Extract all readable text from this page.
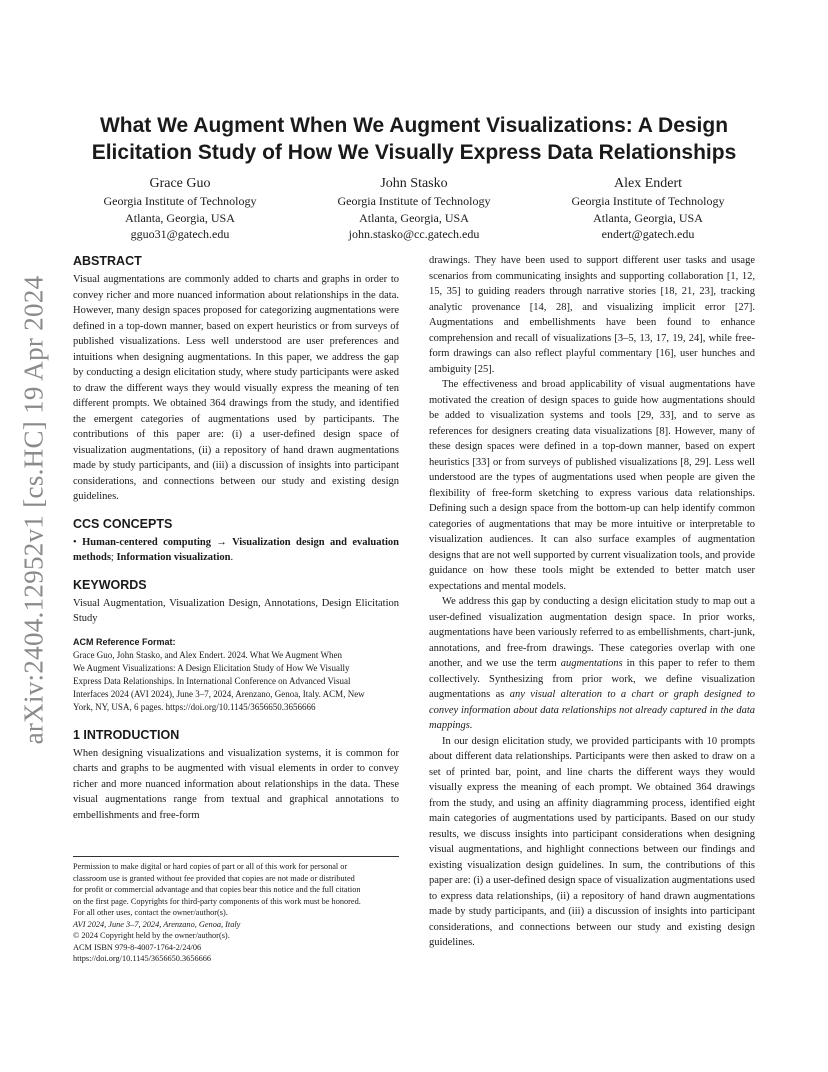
arXiv:2404.12952v1 [cs.HC] 19 Apr 2024
What We Augment When We Augment Visualizations: A Design
Elicitation Study of How We Visually Express Data Relationships
Grace Guo
Georgia Institute of Technology
Atlanta, Georgia, USA
gguo31@gatech.edu
John Stasko
Georgia Institute of Technology
Atlanta, Georgia, USA
john.stasko@cc.gatech.edu
Alex Endert
Georgia Institute of Technology
Atlanta, Georgia, USA
endert@gatech.edu
ABSTRACT

Visual augmentations are commonly added to charts and graphs in order to convey richer and more nuanced information about relationships in the data. However, many design spaces proposed for categorizing augmentations were defined in a top-down manner, based on expert heuristics or from surveys of published visualizations. Less well understood are user preferences and intuitions when designing augmentations. In this paper, we address the gap by conducting a design elicitation study, where study participants were asked to draw the different ways they would visually express the meaning of ten different prompts. We obtained 364 drawings from the study, and identified the emergent categories of augmentations used by participants. The contributions of this paper are: (i) a user-defined design space of visualization augmentations, (ii) a repository of hand drawn augmentations made by study participants, and (iii) a discussion of insights into participant considerations, and connections between our study and existing design guidelines.

CCS CONCEPTS

• Human-centered computing → Visualization design and evaluation methods; Information visualization.

KEYWORDS

Visual Augmentation, Visualization Design, Annotations, Design Elicitation Study

ACM Reference Format:
Grace Guo, John Stasko, and Alex Endert. 2024. What We Augment When
We Augment Visualizations: A Design Elicitation Study of How We Visually
Express Data Relationships. In International Conference on Advanced Visual
Interfaces 2024 (AVI 2024), June 3–7, 2024, Arenzano, Genoa, Italy. ACM, New
York, NY, USA, 6 pages. https://doi.org/10.1145/3656650.3656666
1 INTRODUCTION

When designing visualizations and visualization systems, it is common for charts and graphs to be augmented with visual elements in order to convey richer and more nuanced information about relationships in the data. These visual augmentations range from textual and graphical annotations to embellishments and free-form

Permission to make digital or hard copies of part or all of this work for personal or
classroom use is granted without fee provided that copies are not made or distributed
for profit or commercial advantage and that copies bear this notice and the full citation
on the first page. Copyrights for third-party components of this work must be honored.
For all other uses, contact the owner/author(s).
AVI 2024, June 3–7, 2024, Arenzano, Genoa, Italy
© 2024 Copyright held by the owner/author(s).
ACM ISBN 979-8-4007-1764-2/24/06
https://doi.org/10.1145/3656650.3656666

drawings. They have been used to support different user tasks and usage scenarios from communicating insights and supporting collaboration [1, 12, 15, 35] to guiding readers through narrative stories [18, 21, 23], tracking analytic provenance [14, 28], and visualizing implicit error [27]. Augmentations and embellishments have been found to enhance comprehension and recall of visualizations [3–5, 13, 17, 19, 24], while free-form drawings can also reflect playful commentary [16], user hunches and ambiguity [25].

The effectiveness and broad applicability of visual augmentations have motivated the creation of design spaces to guide how augmentations should be added to visualization systems and tools [29, 33], and to serve as references for designers creating data visualizations [8]. However, many of these design spaces were defined in a top-down manner, based on expert heuristics [33] or from surveys of published visualizations [8, 29]. Less well understood are the types of augmentations used when people are given the flexibility of free-form sketching to express various data relationships. Defining such a design space from the bottom-up can help identify common categories of augmentations that may be more intuitive or interpretable to visualization audiences. It can also surface examples of augmentation designs that are not well supported by current visualization tools, and provide guidance on how these tools might be extended to better match user expectations and mental models.

We address this gap by conducting a design elicitation study to map out a user-defined visualization augmentation design space. In prior works, augmentations have been variously referred to as embellishments, chart-junk, annotations, and free-from drawings. These categories overlap with one another, and we use the term augmentations in this paper to refer to them collectively. Synthesizing from prior work, we define visualization augmentations as any visual alteration to a chart or graph designed to convey information about data relationships not already captured in the data mappings.

In our design elicitation study, we provided participants with 10 prompts about different data relationships. Participants were then asked to draw on a set of printed bar, point, and line charts the different ways they would visually express the meaning of each prompt. We obtained 364 drawings from the study, and using an affinity diagramming process, identified eight main categories of augmentations used by participants. Based on our study results, we discuss insights into participant considerations when designing visual augmentations, and highlight connections between our findings and existing visualization design guidelines. In sum, the contributions of this paper are: (i) a user-defined design space of visualization augmentations used to express data relationships, (ii) a repository of hand drawn augmentations made by study participants, and (iii) a discussion of insights into participant considerations, and connections between our study and existing design guidelines.
